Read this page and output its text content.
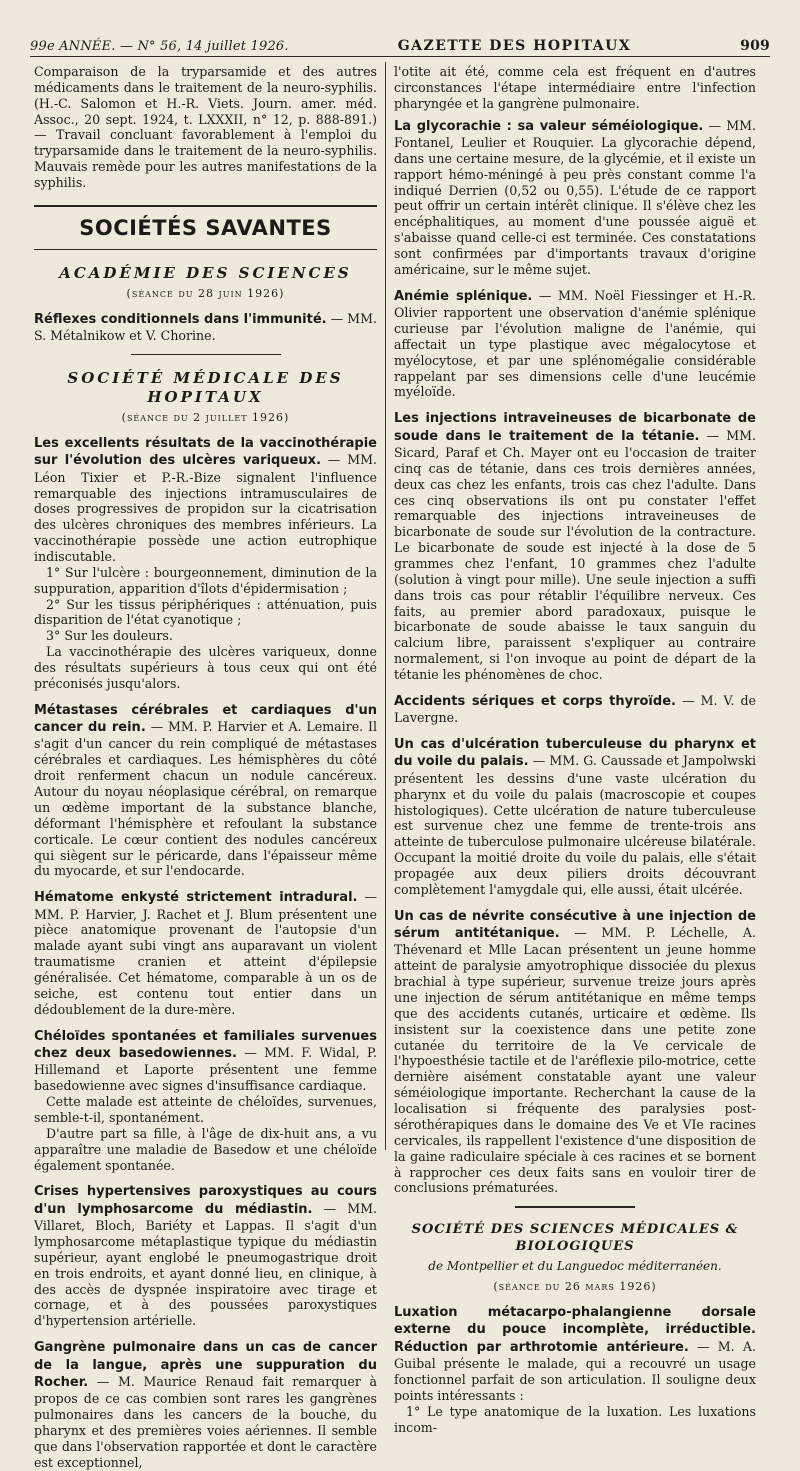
99e ANNÉE. — N° 56, 14 juillet 1926.	GAZETTE DES HOPITAUX	909

Comparaison de la tryparsamide et des autres médicaments dans le traitement de la neuro-syphilis. (H.-C. Salomon et H.-R. Viets. Journ. amer. méd. Assoc., 20 sept. 1924, t. LXXXII, n° 12, p. 888-891.) — Travail concluant favorablement à l'emploi du tryparsamide dans le traitement de la neuro-syphilis. Mauvais remède pour les autres manifestations de la syphilis.

SOCIÉTÉS SAVANTES
ACADÉMIE DES SCIENCES
(séance du 28 juin 1926)
Réflexes conditionnels dans l'immunité. — MM. S. Métalnikow et V. Chorine.
SOCIÉTÉ MÉDICALE DES HOPITAUX
(séance du 2 juillet 1926)
Les excellents résultats de la vaccinothérapie sur l'évolution des ulcères variqueux. — MM. Léon Tixier et P.-R.-Bize signalent l'influence remarquable des injections intramusculaires de doses progressives de propidon sur la cicatrisation des ulcères chroniques des membres inférieurs. La vaccinothérapie possède une action eutrophique indiscutable.
1° Sur l'ulcère : bourgeonnement, diminution de la suppuration, apparition d'îlots d'épidermisation ;
2° Sur les tissus périphériques : atténuation, puis disparition de l'état cyanotique ;
3° Sur les douleurs.
La vaccinothérapie des ulcères variqueux, donne des résultats supérieurs à tous ceux qui ont été préconisés jusqu'alors.
Métastases cérébrales et cardiaques d'un cancer du rein. — MM. P. Harvier et A. Lemaire. Il s'agit d'un cancer du rein compliqué de métastases cérébrales et cardiaques. Les hémisphères du côté droit renferment chacun un nodule cancéreux. Autour du noyau néoplasique cérébral, on remarque un œdème important de la substance blanche, déformant l'hémisphère et refoulant la substance corticale. Le cœur contient des nodules cancéreux qui siègent sur le péricarde, dans l'épaisseur même du myocarde, et sur l'endocarde.
Hématome enkysté strictement intradural. — MM. P. Harvier, J. Rachet et J. Blum présentent une pièce anatomique provenant de l'autopsie d'un malade ayant subi vingt ans auparavant un violent traumatisme cranien et atteint d'épilepsie généralisée. Cet hématome, comparable à un os de seiche, est contenu tout entier dans un dédoublement de la dure-mère.
Chéloïdes spontanées et familiales survenues chez deux basedowiennes. — MM. F. Widal, P. Hillemand et Laporte présentent une femme basedowienne avec signes d'insuffisance cardiaque.
Cette malade est atteinte de chéloïdes, survenues, semble-t-il, spontanément.
D'autre part sa fille, à l'âge de dix-huit ans, a vu apparaître une maladie de Basedow et une chéloïde également spontanée.
Crises hypertensives paroxystiques au cours d'un lymphosarcome du médiastin. — MM. Villaret, Bloch, Bariéty et Lappas. Il s'agit d'un lymphosarcome métaplastique typique du médiastin supérieur, ayant englobé le pneumogastrique droit en trois endroits, et ayant donné lieu, en clinique, à des accès de dyspnée inspiratoire avec tirage et cornage, et à des poussées paroxystiques d'hypertension artérielle.
Gangrène pulmonaire dans un cas de cancer de la langue, après une suppuration du Rocher. — M. Maurice Renaud fait remarquer à propos de ce cas combien sont rares les gangrènes pulmonaires dans les cancers de la bouche, du pharynx et des premières voies aériennes. Il semble que dans l'observation rapportée et dont le caractère est exceptionnel,

l'otite ait été, comme cela est fréquent en d'autres circonstances l'étape intermédiaire entre l'infection pharyngée et la gangrène pulmonaire.

La glycorachie : sa valeur séméiologique. — MM. Fontanel, Leulier et Rouquier. La glycorachie dépend, dans une certaine mesure, de la glycémie, et il existe un rapport hémo-méningé à peu près constant comme l'a indiqué Derrien (0,52 ou 0,55). L'étude de ce rapport peut offrir un certain intérêt clinique. Il s'élève chez les encéphalitiques, au moment d'une poussée aiguë et s'abaisse quand celle-ci est terminée. Ces constatations sont confirmées par d'importants travaux d'origine américaine, sur le même sujet.
Anémie splénique. — MM. Noël Fiessinger et H.-R. Olivier rapportent une observation d'anémie splénique curieuse par l'évolution maligne de l'anémie, qui affectait un type plastique avec mégalocytose et myélocytose, et par une splénomégalie considérable rappelant par ses dimensions celle d'une leucémie myéloïde.
Les injections intraveineuses de bicarbonate de soude dans le traitement de la tétanie. — MM. Sicard, Paraf et Ch. Mayer ont eu l'occasion de traiter cinq cas de tétanie, dans ces trois dernières années, deux cas chez les enfants, trois cas chez l'adulte. Dans ces cinq observations ils ont pu constater l'effet remarquable des injections intraveineuses de bicarbonate de soude sur l'évolution de la contracture. Le bicarbonate de soude est injecté à la dose de 5 grammes chez l'enfant, 10 grammes chez l'adulte (solution à vingt pour mille). Une seule injection a suffi dans trois cas pour rétablir l'équilibre nerveux. Ces faits, au premier abord paradoxaux, puisque le bicarbonate de soude abaisse le taux sanguin du calcium libre, paraissent s'expliquer au contraire normalement, si l'on invoque au point de départ de la tétanie les phénomènes de choc.
Accidents sériques et corps thyroïde. — M. V. de Lavergne.
Un cas d'ulcération tuberculeuse du pharynx et du voile du palais. — MM. G. Caussade et Jampolwski présentent les dessins d'une vaste ulcération du pharynx et du voile du palais (macroscopie et coupes histologiques). Cette ulcération de nature tuberculeuse est survenue chez une femme de trente-trois ans atteinte de tuberculose pulmonaire ulcéreuse bilatérale. Occupant la moitié droite du voile du palais, elle s'était propagée aux deux piliers droits découvrant complètement l'amygdale qui, elle aussi, était ulcérée.
Un cas de névrite consécutive à une injection de sérum antitétanique. — MM. P. Léchelle, A. Thévenard et Mlle Lacan présentent un jeune homme atteint de paralysie amyotrophique dissociée du plexus brachial à type supérieur, survenue treize jours après une injection de sérum antitétanique en même temps que des accidents cutanés, urticaire et œdème. Ils insistent sur la coexistence dans une petite zone cutanée du territoire de la Ve cervicale de l'hypoesthésie tactile et de l'aréflexie pilo-motrice, cette dernière aisément constatable ayant une valeur séméiologique importante. Recherchant la cause de la localisation si fréquente des paralysies post-sérothérapiques dans le domaine des Ve et VIe racines cervicales, ils rappellent l'existence d'une disposition de la gaine radiculaire spéciale à ces racines et se bornent à rapprocher ces deux faits sans en vouloir tirer de conclusions prématurées.
SOCIÉTÉ DES SCIENCES MÉDICALES & BIOLOGIQUES
de Montpellier et du Languedoc méditerranéen.
(séance du 26 mars 1926)
Luxation métacarpo-phalangienne dorsale externe du pouce incomplète, irréductible. Réduction par arthrotomie antérieure. — M. A. Guibal présente le malade, qui a recouvré un usage fonctionnel parfait de son articulation. Il souligne deux points intéressants :
1° Le type anatomique de la luxation. Les luxations incom-
